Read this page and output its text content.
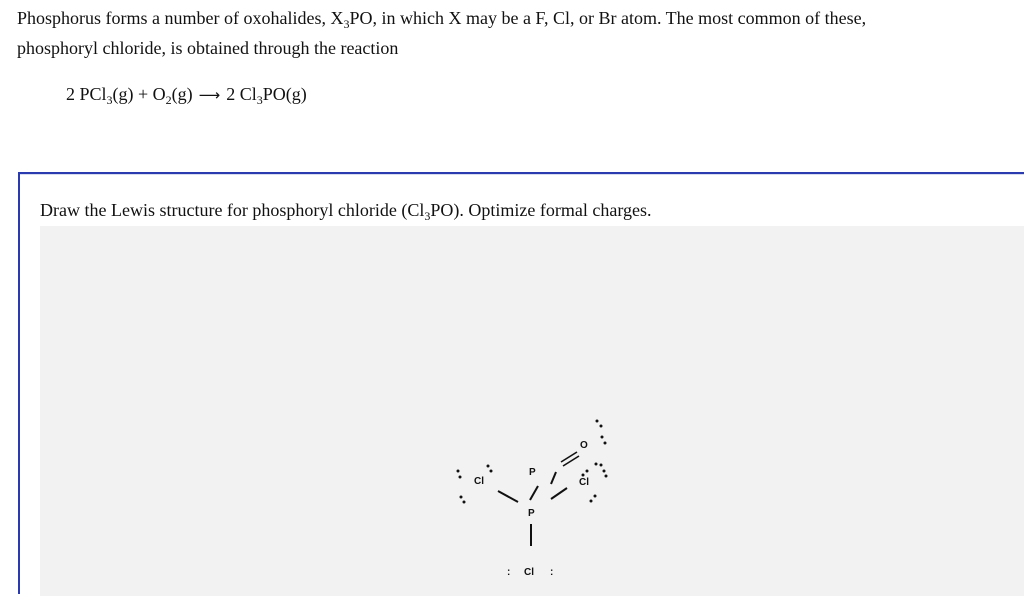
Phosphorus forms a number of oxohalides, $X_3PO$, in which X may be a F, Cl, or Br atom. The most common of these,
phosphoryl chloride, is obtained through the reaction
2 $PCl_3(g) + O_2(g)$ ⟶ 2 $Cl_3PO(g)$
Draw the Lewis structure for phosphoryl chloride $(Cl_3PO)$. Optimize formal charges.
Cl
P
P
O
Cl
Cl
:	:
